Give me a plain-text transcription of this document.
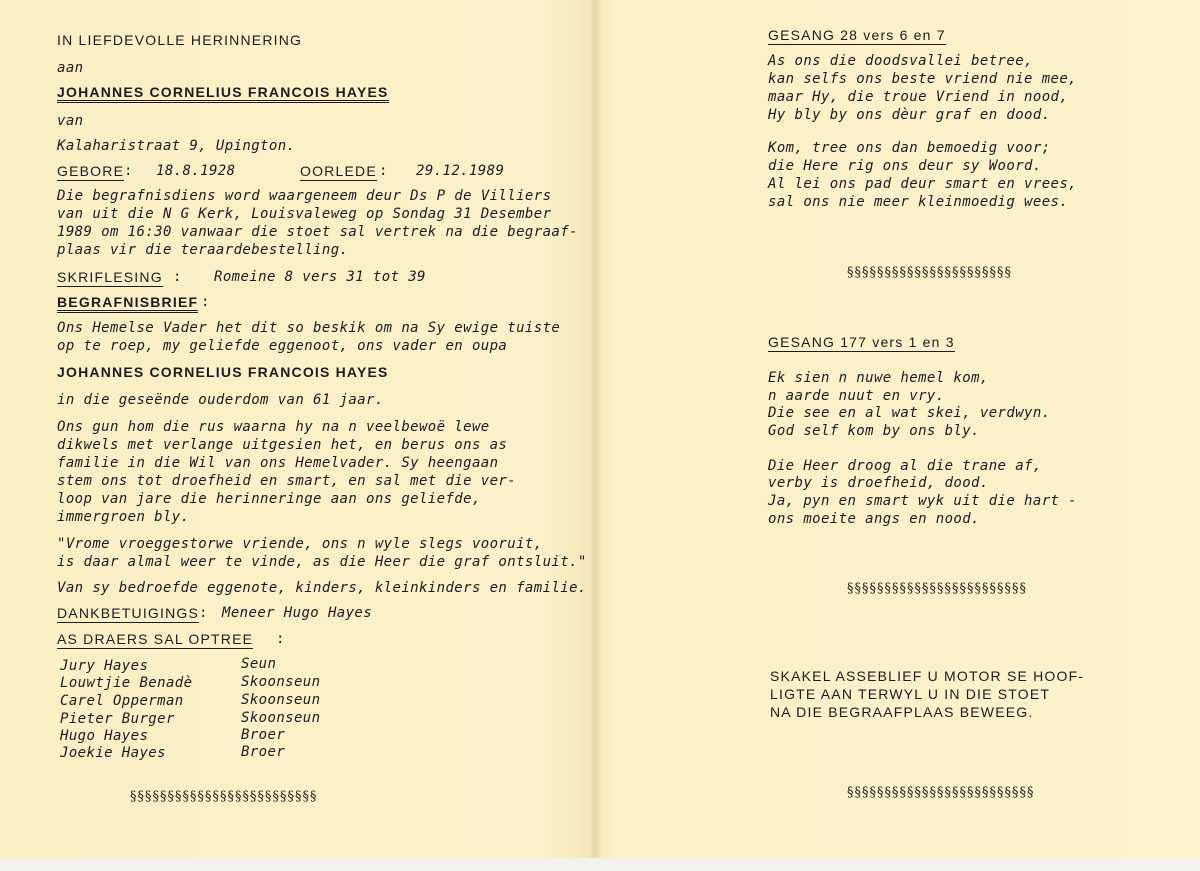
IN LIEFDEVOLLE HERINNERING
aan
JOHANNES CORNELIUS FRANCOIS HAYES
van
Kalaharistraat 9, Upington.
GEBORE : 18.8.1928	OORLEDE : 29.12.1989
Die begrafnisdiens word waargeneem deur Ds P de Villiers
van uit die N G Kerk, Louisvaleweg op Sondag 31 Desember
1989 om 16:30 vanwaar die stoet sal vertrek na die begraaf-
plaas vir die teraardebestelling.
SKRIFLESING : Romeine 8 vers 31 tot 39
BEGRAFNISBRIEF :
Ons Hemelse Vader het dit so beskik om na Sy ewige tuiste
op te roep, my geliefde eggenoot, ons vader en oupa
JOHANNES CORNELIUS FRANCOIS HAYES
in die geseënde ouderdom van 61 jaar.
Ons gun hom die rus waarna hy na n veelbewoë lewe
dikwels met verlange uitgesien het, en berus ons as
familie in die Wil van ons Hemelvader. Sy heengaan
stem ons tot droefheid en smart, en sal met die ver-
loop van jare die herinneringe aan ons geliefde,
immergroen bly.
"Vrome vroeggestorwe vriende, ons n wyle slegs vooruit,
is daar almal weer te vinde, as die Heer die graf ontsluit."
Van sy bedroefde eggenote, kinders, kleinkinders en familie.
DANKBETUIGINGS : Meneer Hugo Hayes
AS DRAERS SAL OPTREE :
Jury Hayes	Seun
Louwtjie Benadè	Skoonseun
Carel Opperman	Skoonseun
Pieter Burger	Skoonseun
Hugo Hayes	Broer
Joekie Hayes	Broer
§§§§§§§§§§§§§§§§§§§§§§§§§
GESANG 28 vers 6 en 7
As ons die doodsvallei betree,
kan selfs ons beste vriend nie mee,
maar Hy, die troue Vriend in nood,
Hy bly by ons dèur graf en dood.
Kom, tree ons dan bemoedig voor;
die Here rig ons deur sy Woord.
Al lei ons pad deur smart en vrees,
sal ons nie meer kleinmoedig wees.
§§§§§§§§§§§§§§§§§§§§§§
GESANG 177 vers 1 en 3
Ek sien n nuwe hemel kom,
n aarde nuut en vry.
Die see en al wat skei, verdwyn.
God self kom by ons bly.
Die Heer droog al die trane af,
verby is droefheid, dood.
Ja, pyn en smart wyk uit die hart -
ons moeite angs en nood.
§§§§§§§§§§§§§§§§§§§§§§§§
SKAKEL ASSEBLIEF U MOTOR SE HOOF-
LIGTE AAN TERWYL U IN DIE STOET
NA DIE BEGRAAFPLAAS BEWEEG.
§§§§§§§§§§§§§§§§§§§§§§§§§
